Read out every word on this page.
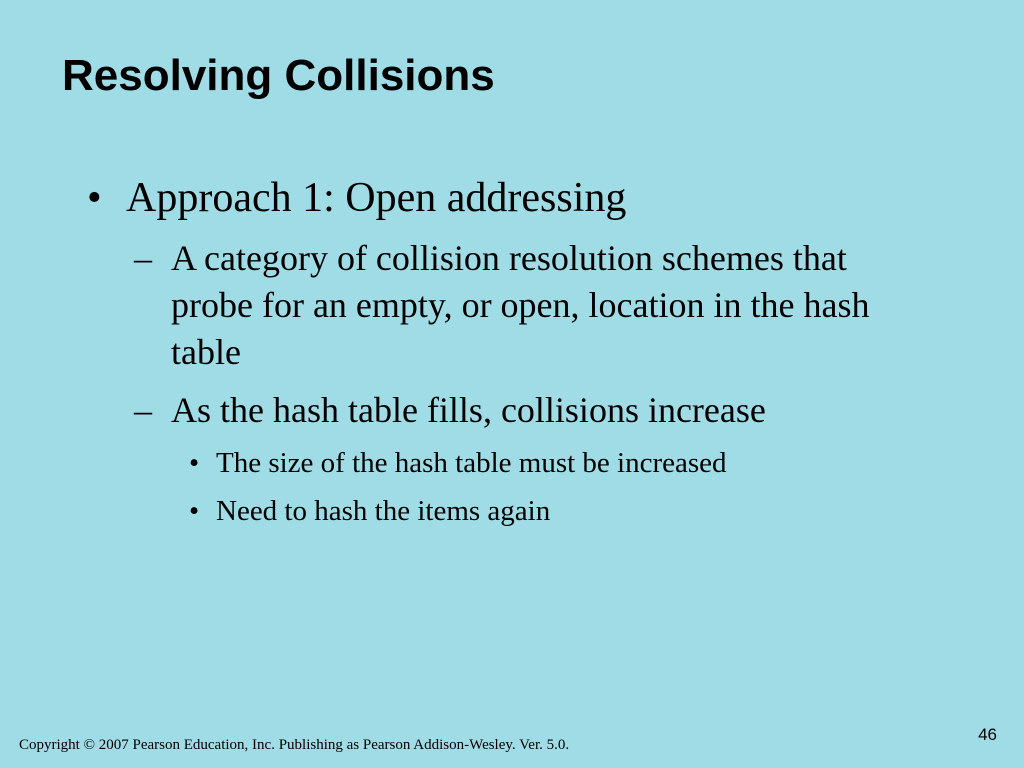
Resolving Collisions
• Approach 1: Open addressing
– A category of collision resolution schemes that probe for an empty, or open, location in the hash table
– As the hash table fills, collisions increase
• The size of the hash table must be increased
• Need to hash the items again
Copyright © 2007 Pearson Education, Inc. Publishing as Pearson Addison-Wesley. Ver. 5.0.
46
